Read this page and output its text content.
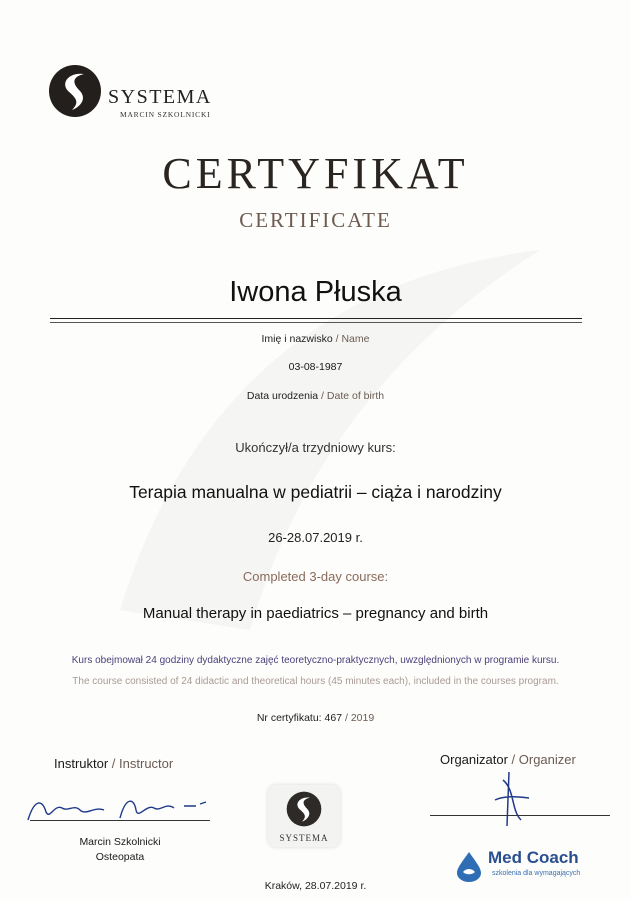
SYSTEMA
MARCIN SZKOLNICKI
CERTYFIKAT
CERTIFICATE
Iwona Płuska
Imię i nazwisko / Name
03-08-1987
Data urodzenia / Date of birth
Ukończył/a trzydniowy kurs:
Terapia manualna w pediatrii – ciąża i narodziny
26-28.07.2019 r.
Completed 3-day course:
Manual therapy in paediatrics – pregnancy and birth
Kurs obejmował 24 godziny dydaktyczne zajęć teoretyczno-praktycznych, uwzględnionych w programie kursu.
The course consisted of 24 didactic and theoretical hours (45 minutes each), included in the courses program.
Nr certyfikatu: 467 / 2019
Instruktor / Instructor	Organizator / Organizer
Marcin Szkolnicki
Osteopata
SYSTEMA
Med Coach
szkolenia dla wymagających
Kraków, 28.07.2019 r.
